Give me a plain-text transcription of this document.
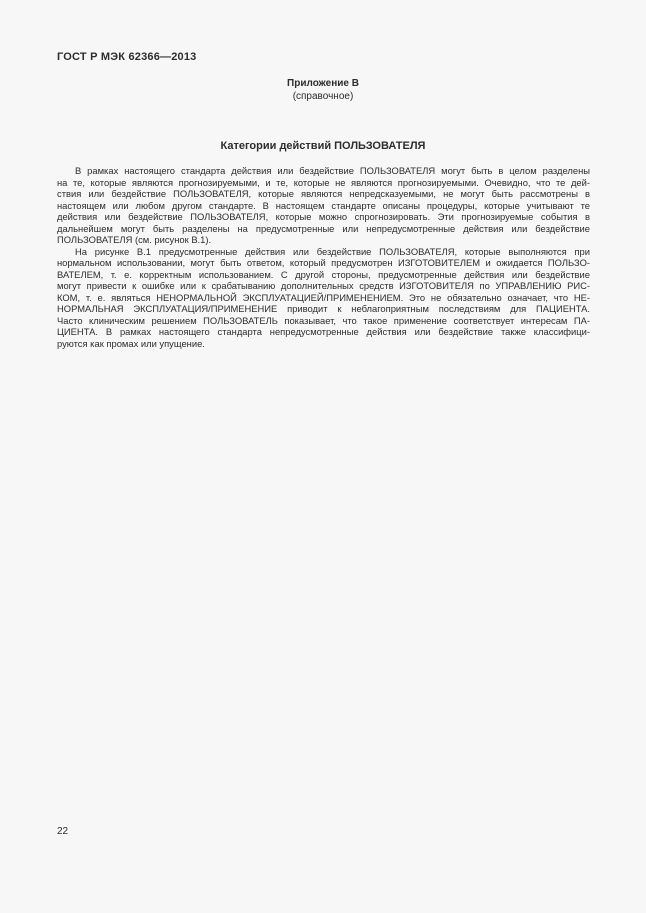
ГОСТ Р МЭК 62366—2013
Приложение В
(справочное)
Категории действий ПОЛЬЗОВАТЕЛЯ
В рамках настоящего стандарта действия или бездействие ПОЛЬЗОВАТЕЛЯ могут быть в целом разделены
на те, которые являются прогнозируемыми, и те, которые не являются прогнозируемыми. Очевидно, что те дей-
ствия или бездействие ПОЛЬЗОВАТЕЛЯ, которые являются непредсказуемыми, не могут быть рассмотрены в
настоящем или любом другом стандарте. В настоящем стандарте описаны процедуры, которые учитывают те
действия или бездействие ПОЛЬЗОВАТЕЛЯ, которые можно спрогнозировать. Эти прогнозируемые события в
дальнейшем могут быть разделены на предусмотренные или непредусмотренные действия или бездействие
ПОЛЬЗОВАТЕЛЯ (см. рисунок В.1).
На рисунке В.1 предусмотренные действия или бездействие ПОЛЬЗОВАТЕЛЯ, которые выполняются при
нормальном использовании, могут быть ответом, который предусмотрен ИЗГОТОВИТЕЛЕМ и ожидается ПОЛЬЗО-
ВАТЕЛЕМ, т. е. корректным использованием. С другой стороны, предусмотренные действия или бездействие
могут привести к ошибке или к срабатыванию дополнительных средств ИЗГОТОВИТЕЛЯ по УПРАВЛЕНИЮ РИС-
КОМ, т. е. являться НЕНОРМАЛЬНОЙ ЭКСПЛУАТАЦИЕЙ/ПРИМЕНЕНИЕМ. Это не обязательно означает, что НЕ-
НОРМАЛЬНАЯ ЭКСПЛУАТАЦИЯ/ПРИМЕНЕНИЕ приводит к неблагоприятным последствиям для ПАЦИЕНТА.
Часто клиническим решением ПОЛЬЗОВАТЕЛЬ показывает, что такое применение соответствует интересам ПА-
ЦИЕНТА. В рамках настоящего стандарта непредусмотренные действия или бездействие также классифици-
руются как промах или упущение.
22
